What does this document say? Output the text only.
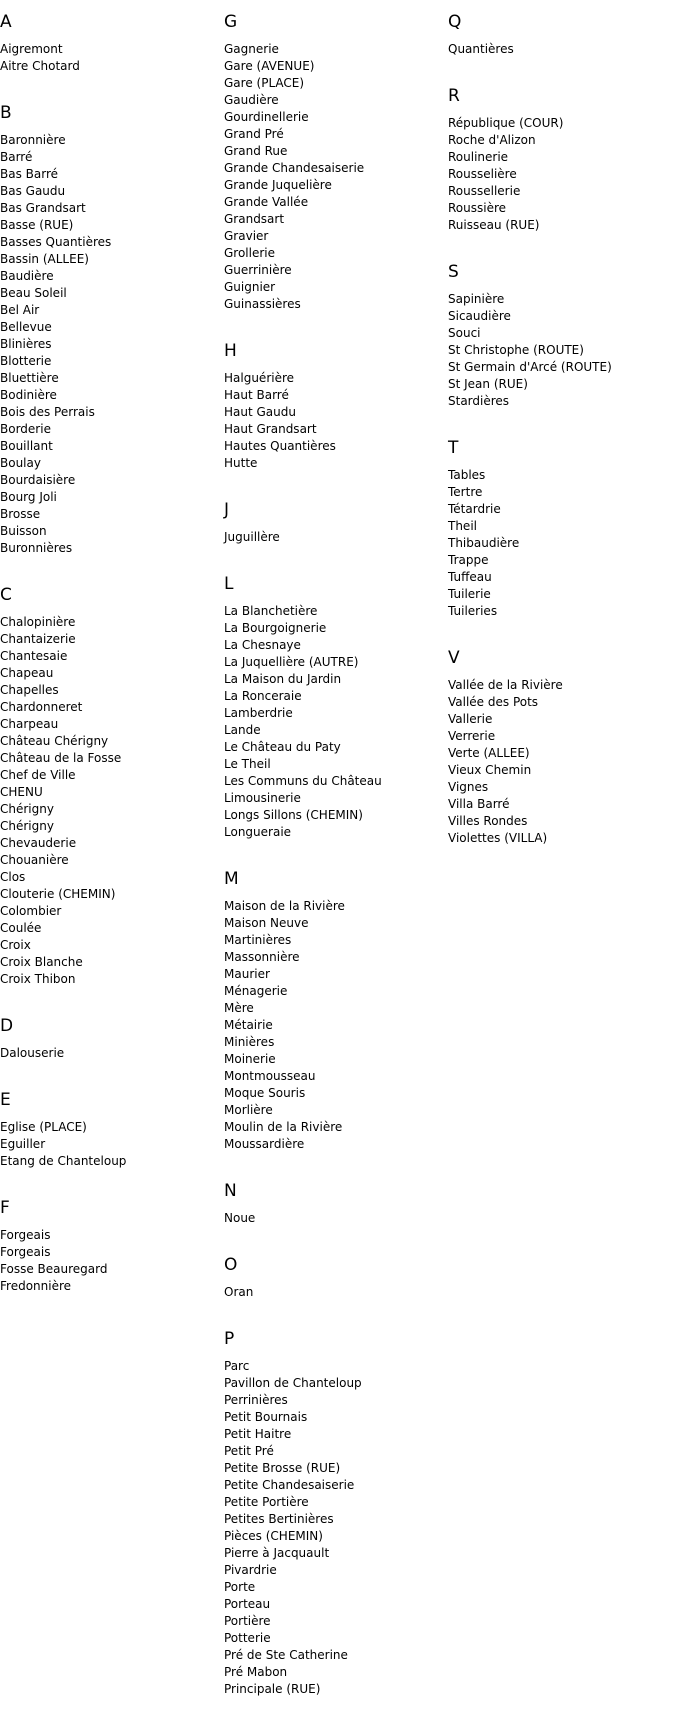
A
Aigremont
Aitre Chotard
B
Baronnière
Barré
Bas Barré
Bas Gaudu
Bas Grandsart
Basse (RUE)
Basses Quantières
Bassin (ALLEE)
Baudière
Beau Soleil
Bel Air
Bellevue
Blinières
Blotterie
Bluettière
Bodinière
Bois des Perrais
Borderie
Bouillant
Boulay
Bourdaisière
Bourg Joli
Brosse
Buisson
Buronnières
C
Chalopinière
Chantaizerie
Chantesaie
Chapeau
Chapelles
Chardonneret
Charpeau
Château Chérigny
Château de la Fosse
Chef de Ville
CHENU
Chérigny
Chérigny
Chevauderie
Chouanière
Clos
Clouterie (CHEMIN)
Colombier
Coulée
Croix
Croix Blanche
Croix Thibon
D
Dalouserie
E
Eglise (PLACE)
Eguiller
Etang de Chanteloup
F
Forgeais
Forgeais
Fosse Beauregard
Fredonnière
G
Gagnerie
Gare (AVENUE)
Gare (PLACE)
Gaudière
Gourdinellerie
Grand Pré
Grand Rue
Grande Chandesaiserie
Grande Juquelière
Grande Vallée
Grandsart
Gravier
Grollerie
Guerrinière
Guignier
Guinassières
H
Halguérière
Haut Barré
Haut Gaudu
Haut Grandsart
Hautes Quantières
Hutte
J
Juguillère
L
La Blanchetière
La Bourgoignerie
La Chesnaye
La Juquellière (AUTRE)
La Maison du Jardin
La Ronceraie
Lamberdrie
Lande
Le Château du Paty
Le Theil
Les Communs du Château
Limousinerie
Longs Sillons (CHEMIN)
Longueraie
M
Maison de la Rivière
Maison Neuve
Martinières
Massonnière
Maurier
Ménagerie
Mère
Métairie
Minières
Moinerie
Montmousseau
Moque Souris
Morlière
Moulin de la Rivière
Moussardière
N
Noue
O
Oran
P
Parc
Pavillon de Chanteloup
Perrinières
Petit Bournais
Petit Haitre
Petit Pré
Petite Brosse (RUE)
Petite Chandesaiserie
Petite Portière
Petites Bertinières
Pièces (CHEMIN)
Pierre à Jacquault
Pivardrie
Porte
Porteau
Portière
Potterie
Pré de Ste Catherine
Pré Mabon
Principale (RUE)
Q
Quantières
R
République (COUR)
Roche d'Alizon
Roulinerie
Rousselière
Roussellerie
Roussière
Ruisseau (RUE)
S
Sapinière
Sicaudière
Souci
St Christophe (ROUTE)
St Germain d'Arcé (ROUTE)
St Jean (RUE)
Stardières
T
Tables
Tertre
Tétardrie
Theil
Thibaudière
Trappe
Tuffeau
Tuilerie
Tuileries
V
Vallée de la Rivière
Vallée des Pots
Vallerie
Verrerie
Verte (ALLEE)
Vieux Chemin
Vignes
Villa Barré
Villes Rondes
Violettes (VILLA)
